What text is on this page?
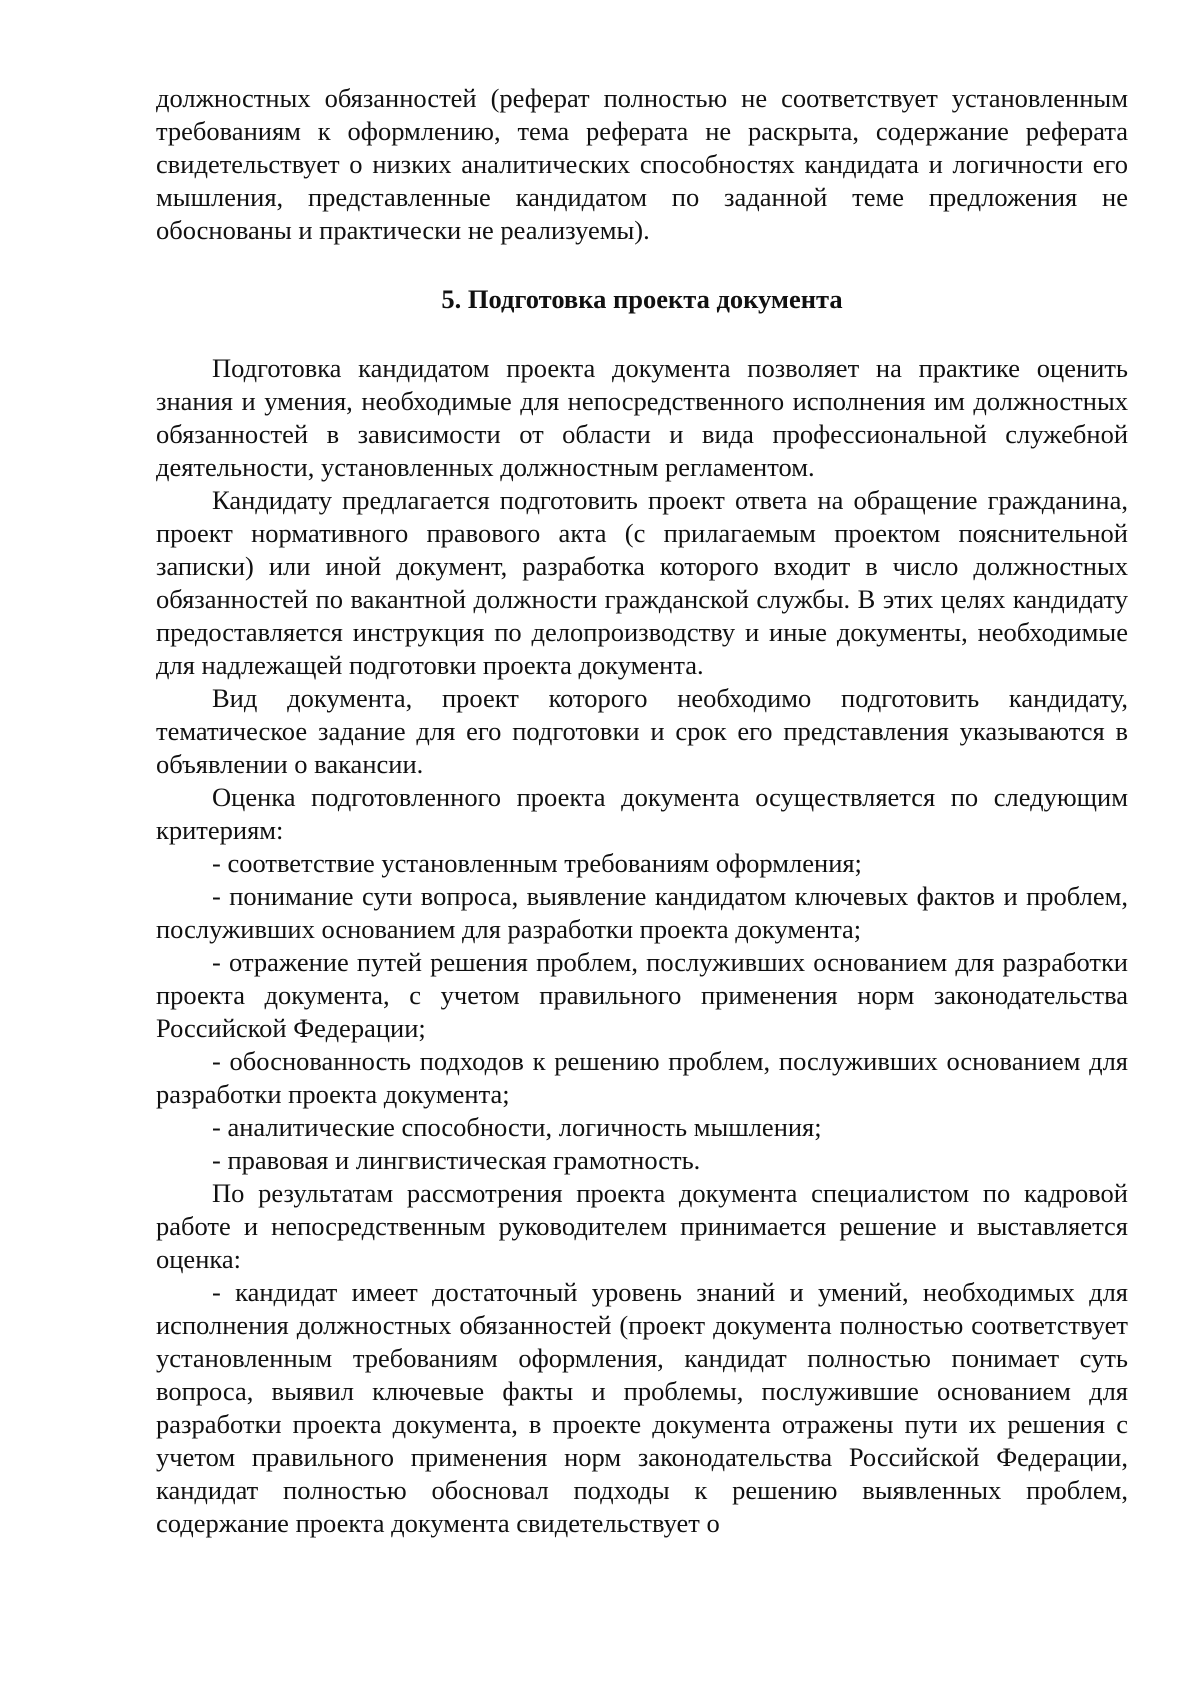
должностных обязанностей (реферат полностью не соответствует установленным требованиям к оформлению, тема реферата не раскрыта, содержание реферата свидетельствует о низких аналитических способностях кандидата и логичности его мышления, представленные кандидатом по заданной теме предложения не обоснованы и практически не реализуемы).

5. Подготовка проекта документа

Подготовка кандидатом проекта документа позволяет на практике оценить знания и умения, необходимые для непосредственного исполнения им должностных обязанностей в зависимости от области и вида профессиональной служебной деятельности, установленных должностным регламентом.

Кандидату предлагается подготовить проект ответа на обращение гражданина, проект нормативного правового акта (с прилагаемым проектом пояснительной записки) или иной документ, разработка которого входит в число должностных обязанностей по вакантной должности гражданской службы. В этих целях кандидату предоставляется инструкция по делопроизводству и иные документы, необходимые для надлежащей подготовки проекта документа.

Вид документа, проект которого необходимо подготовить кандидату, тематическое задание для его подготовки и срок его представления указываются в объявлении о вакансии.

Оценка подготовленного проекта документа осуществляется по следующим критериям:

- соответствие установленным требованиям оформления;

- понимание сути вопроса, выявление кандидатом ключевых фактов и проблем, послуживших основанием для разработки проекта документа;

- отражение путей решения проблем, послуживших основанием для разработки проекта документа, с учетом правильного применения норм законодательства Российской Федерации;

- обоснованность подходов к решению проблем, послуживших основанием для разработки проекта документа;

- аналитические способности, логичность мышления;

- правовая и лингвистическая грамотность.

По результатам рассмотрения проекта документа специалистом по кадровой работе и непосредственным руководителем принимается решение и выставляется оценка:

- кандидат имеет достаточный уровень знаний и умений, необходимых для исполнения должностных обязанностей (проект документа полностью соответствует установленным требованиям оформления, кандидат полностью понимает суть вопроса, выявил ключевые факты и проблемы, послужившие основанием для разработки проекта документа, в проекте документа отражены пути их решения с учетом правильного применения норм законодательства Российской Федерации, кандидат полностью обосновал подходы к решению выявленных проблем, содержание проекта документа свидетельствует о
